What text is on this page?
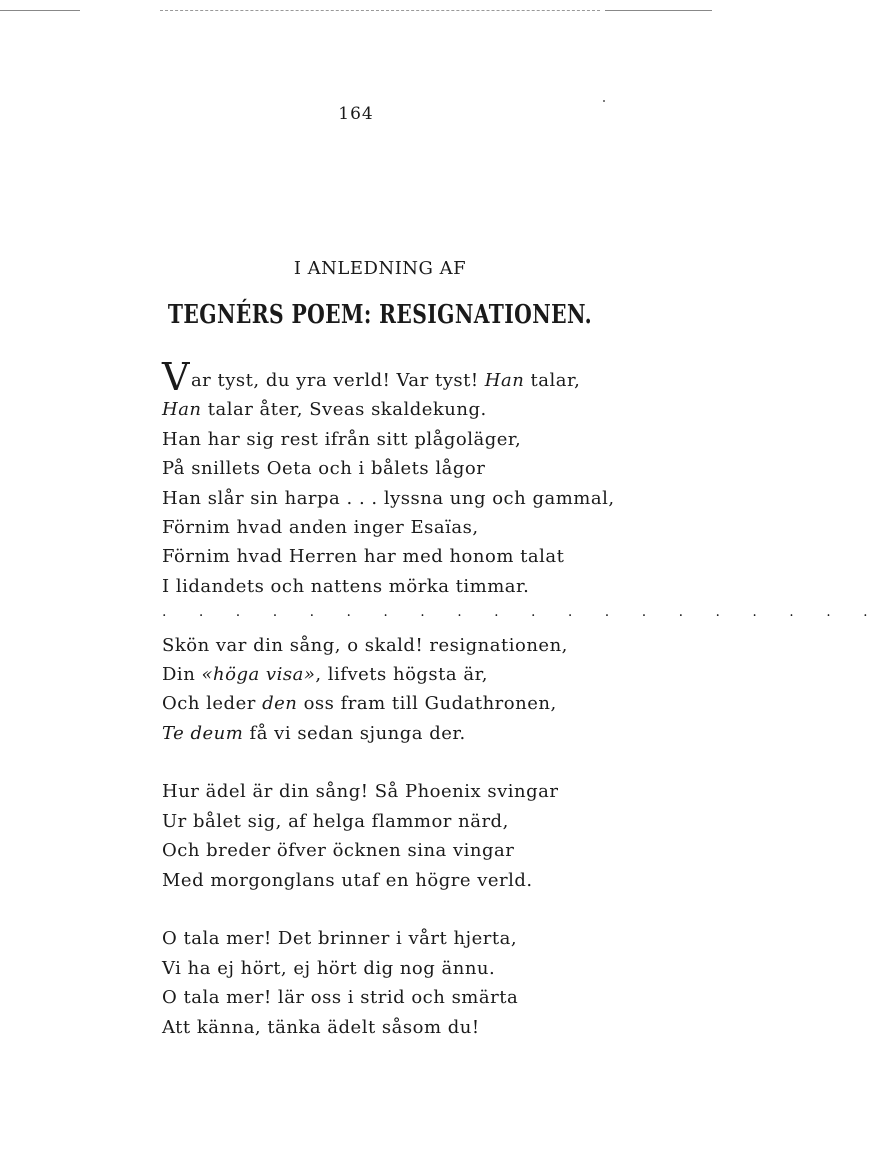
164
I ANLEDNING AF
TEGNÉRS POEM: RESIGNATIONEN.
Var tyst, du yra verld! Var tyst! Han talar,
Han talar åter, Sveas skaldekung.
Han har sig rest ifrån sitt plågoläger,
På snillets Oeta och i bålets lågor
Han slår sin harpa . . . lyssna ung och gammal,
Förnim hvad anden inger Esaïas,
Förnim hvad Herren har med honom talat
I lidandets och nattens mörka timmar.
. . . . . . . . . . . . . . . . . . . .
Skön var din sång, o skald! resignationen,
Din «höga visa», lifvets högsta är,
Och leder den oss fram till Gudathronen,
Te deum få vi sedan sjunga der.
Hur ädel är din sång! Så Phoenix svingar
Ur bålet sig, af helga flammor närd,
Och breder öfver öcknen sina vingar
Med morgonglans utaf en högre verld.
O tala mer! Det brinner i vårt hjerta,
Vi ha ej hört, ej hört dig nog ännu.
O tala mer! lär oss i strid och smärta
Att känna, tänka ädelt såsom du!
